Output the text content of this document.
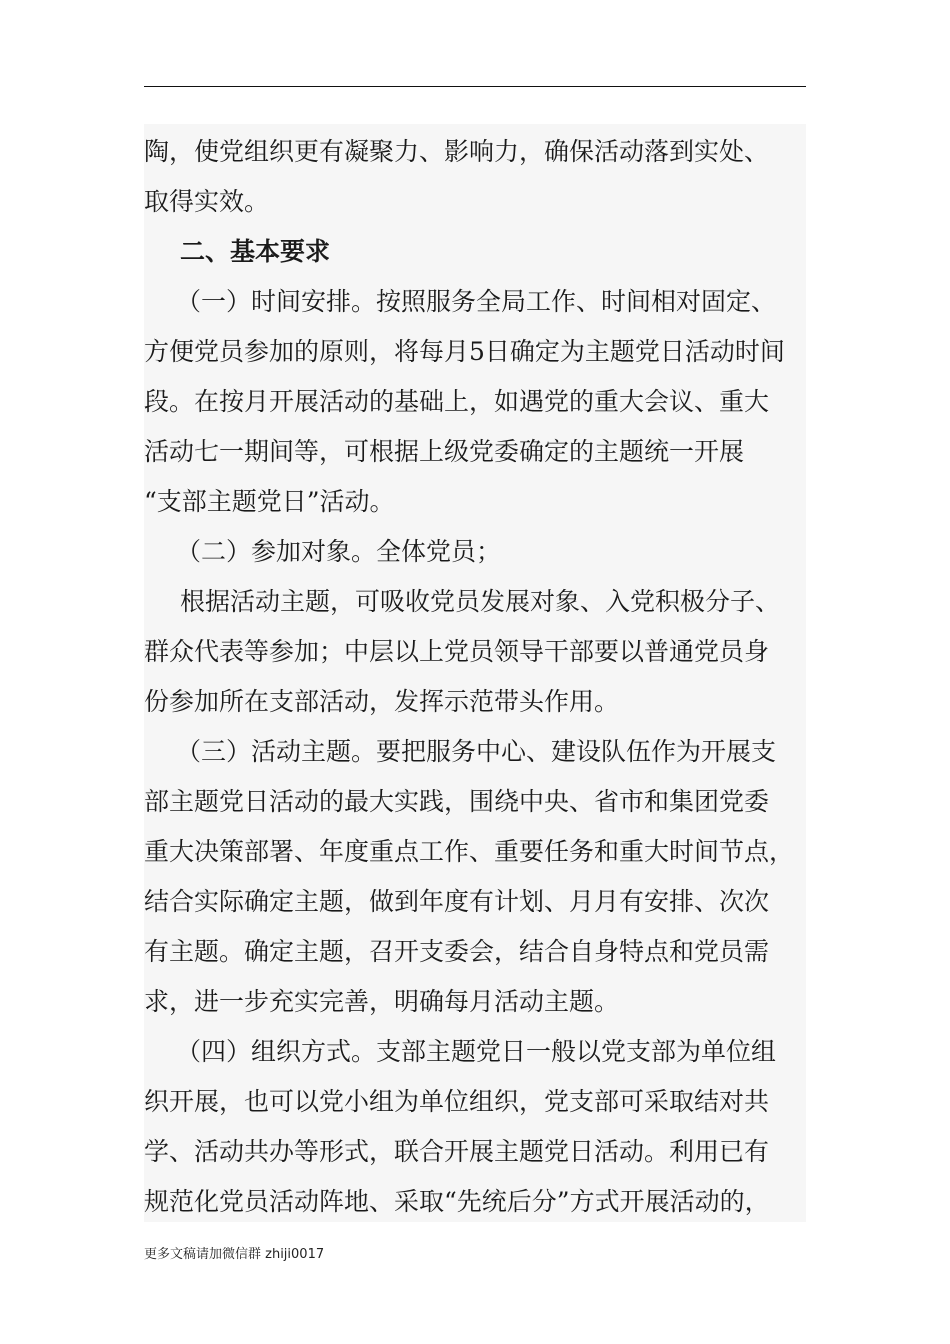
陶，使党组织更有凝聚力、影响力，确保活动落到实处、
取得实效。
二、基本要求
（一）时间安排。按照服务全局工作、时间相对固定、
方便党员参加的原则，将每月5日确定为主题党日活动时间
段。在按月开展活动的基础上，如遇党的重大会议、重大
活动七一期间等，可根据上级党委确定的主题统一开展
“支部主题党日”活动。
（二）参加对象。全体党员；
根据活动主题，可吸收党员发展对象、入党积极分子、
群众代表等参加；中层以上党员领导干部要以普通党员身
份参加所在支部活动，发挥示范带头作用。
（三）活动主题。要把服务中心、建设队伍作为开展支
部主题党日活动的最大实践，围绕中央、省市和集团党委
重大决策部署、年度重点工作、重要任务和重大时间节点，
结合实际确定主题，做到年度有计划、月月有安排、次次
有主题。确定主题，召开支委会，结合自身特点和党员需
求，进一步充实完善，明确每月活动主题。
（四）组织方式。支部主题党日一般以党支部为单位组
织开展，也可以党小组为单位组织，党支部可采取结对共
学、活动共办等形式，联合开展主题党日活动。利用已有
规范化党员活动阵地、采取“先统后分”方式开展活动的，
更多文稿请加微信群 zhiji0017
